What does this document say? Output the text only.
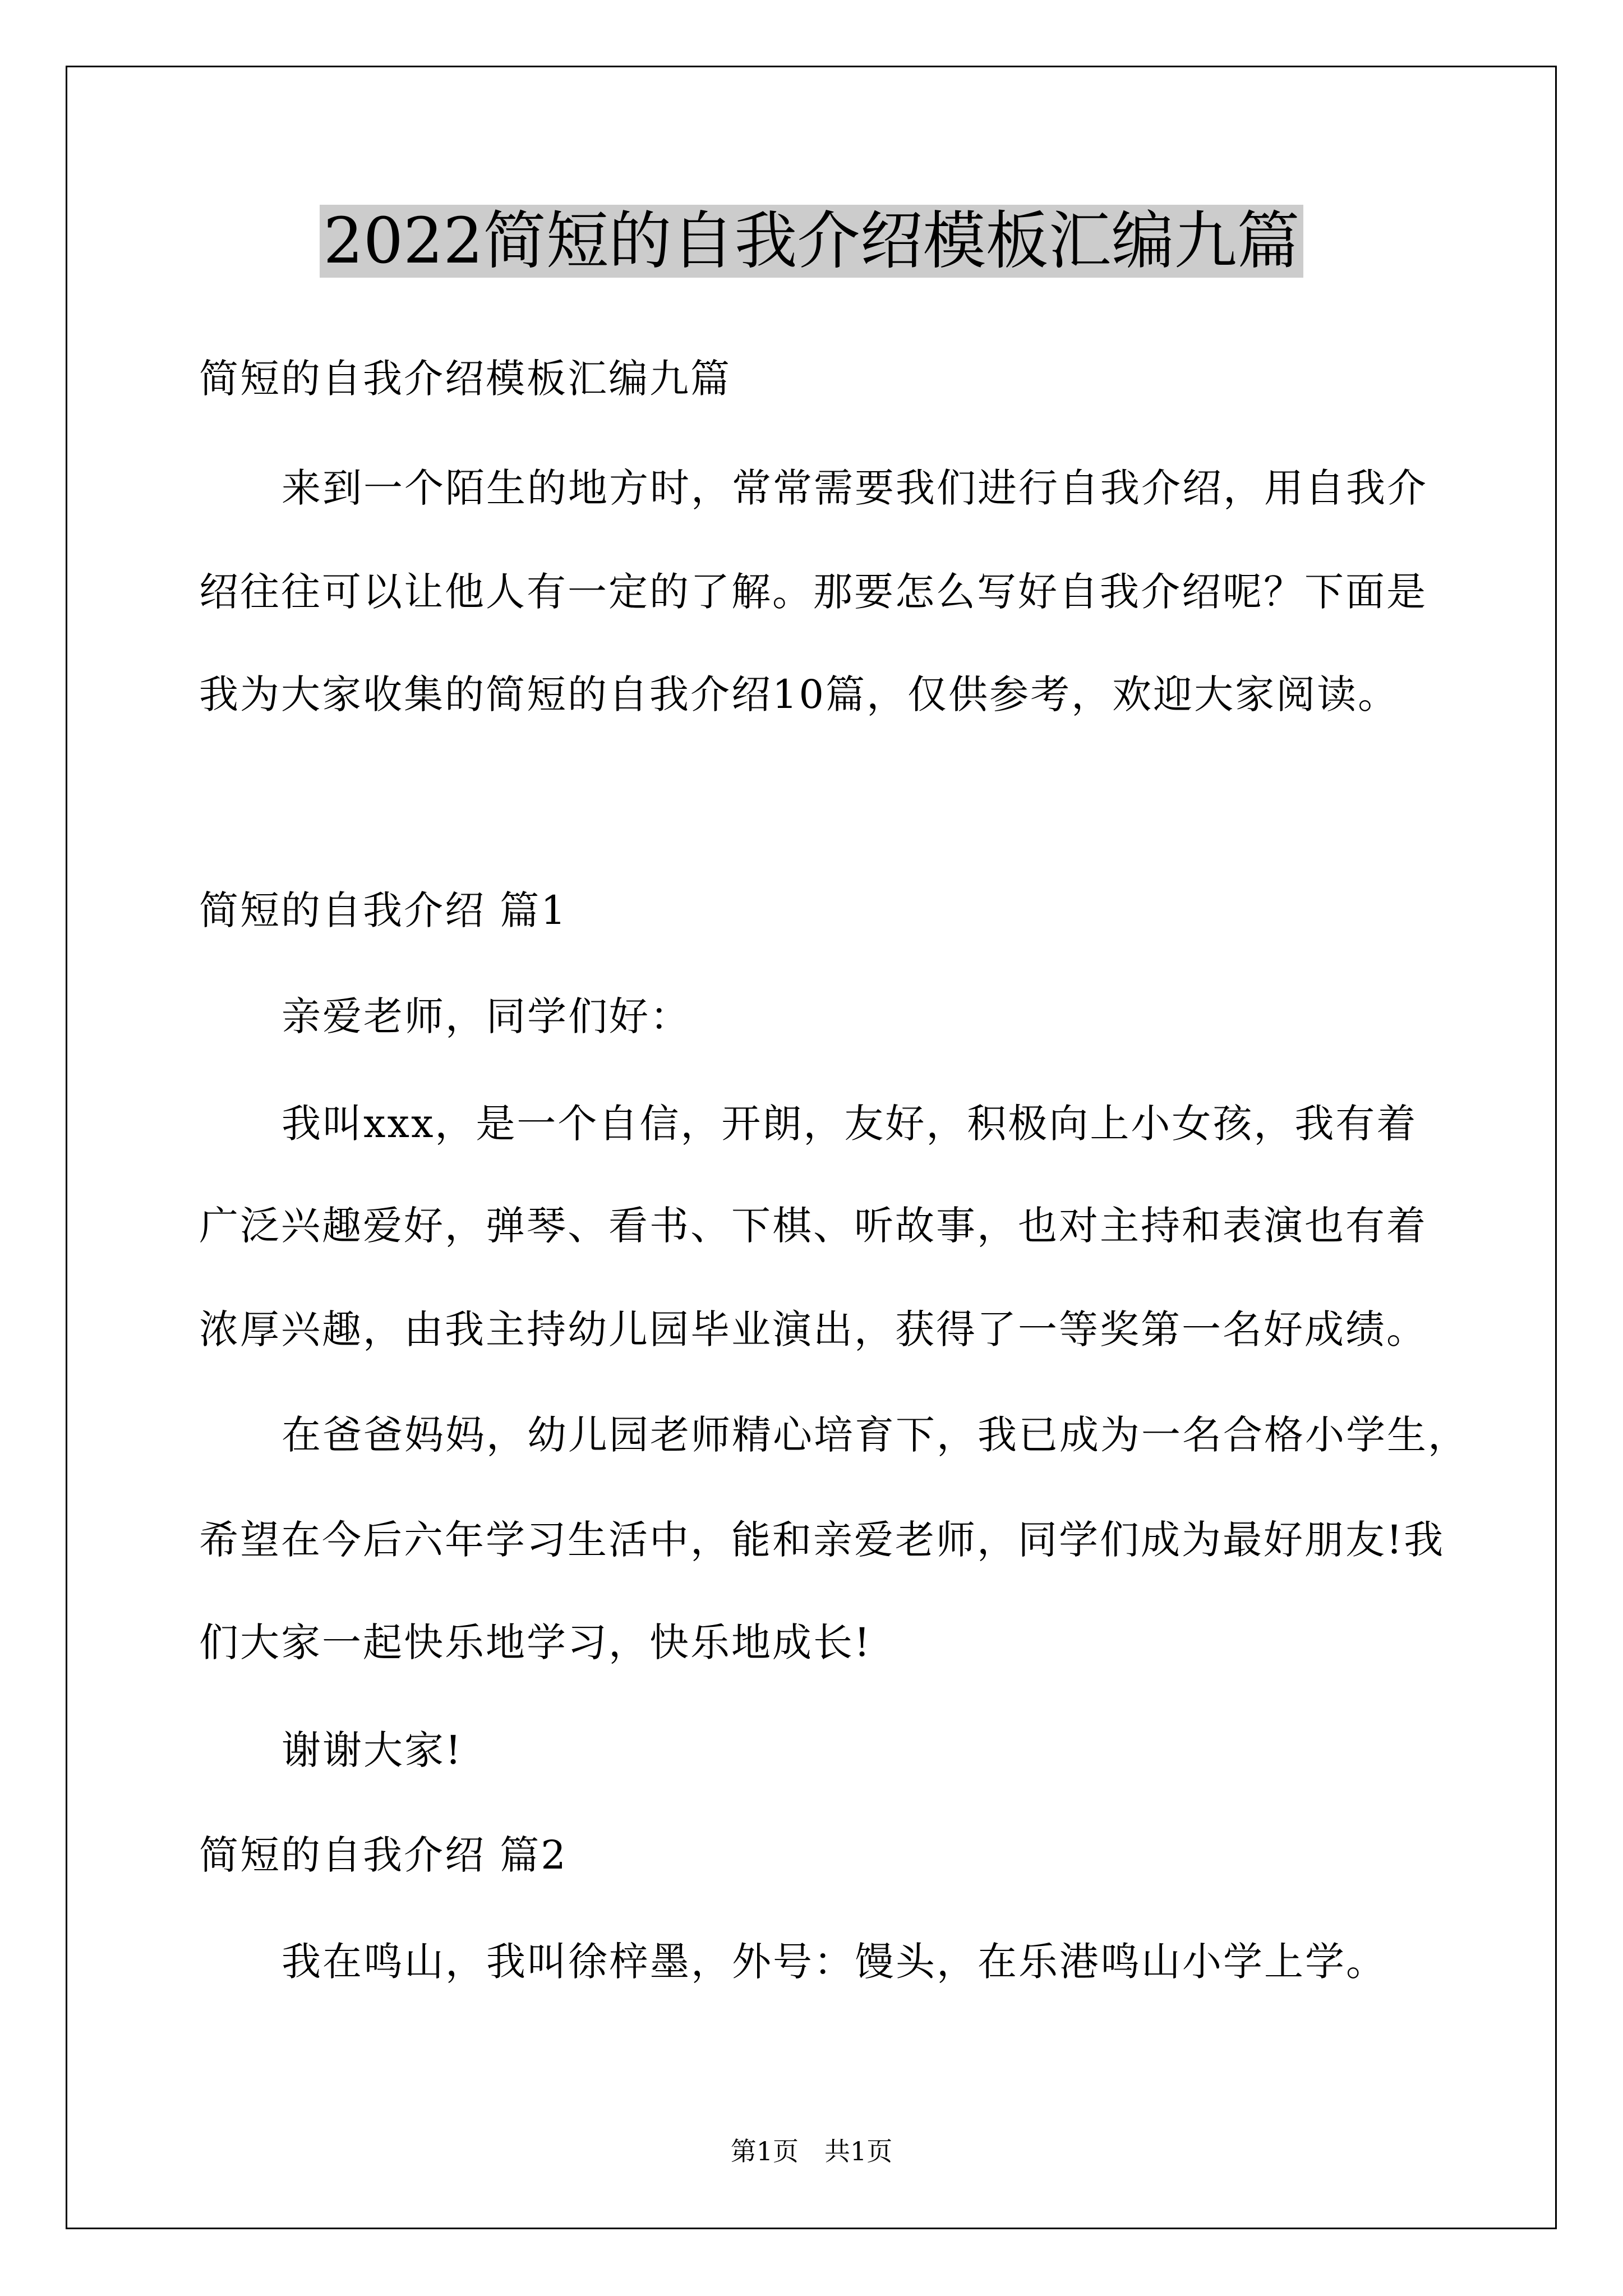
2022简短的自我介绍模板汇编九篇

简短的自我介绍模板汇编九篇

来到一个陌生的地方时，常常需要我们进行自我介绍，用自我介

绍往往可以让他人有一定的了解。那要怎么写好自我介绍呢？下面是

我为大家收集的简短的自我介绍10篇，仅供参考，欢迎大家阅读。

简短的自我介绍 篇1

亲爱老师，同学们好：

我叫xxx，是一个自信，开朗，友好，积极向上小女孩，我有着

广泛兴趣爱好，弹琴、看书、下棋、听故事，也对主持和表演也有着

浓厚兴趣，由我主持幼儿园毕业演出，获得了一等奖第一名好成绩。

在爸爸妈妈，幼儿园老师精心培育下，我已成为一名合格小学生，

希望在今后六年学习生活中，能和亲爱老师，同学们成为最好朋友!我

们大家一起快乐地学习，快乐地成长!

谢谢大家!

简短的自我介绍 篇2

我在鸣山，我叫徐梓墨，外号：馒头，在乐港鸣山小学上学。

第1页　共1页
